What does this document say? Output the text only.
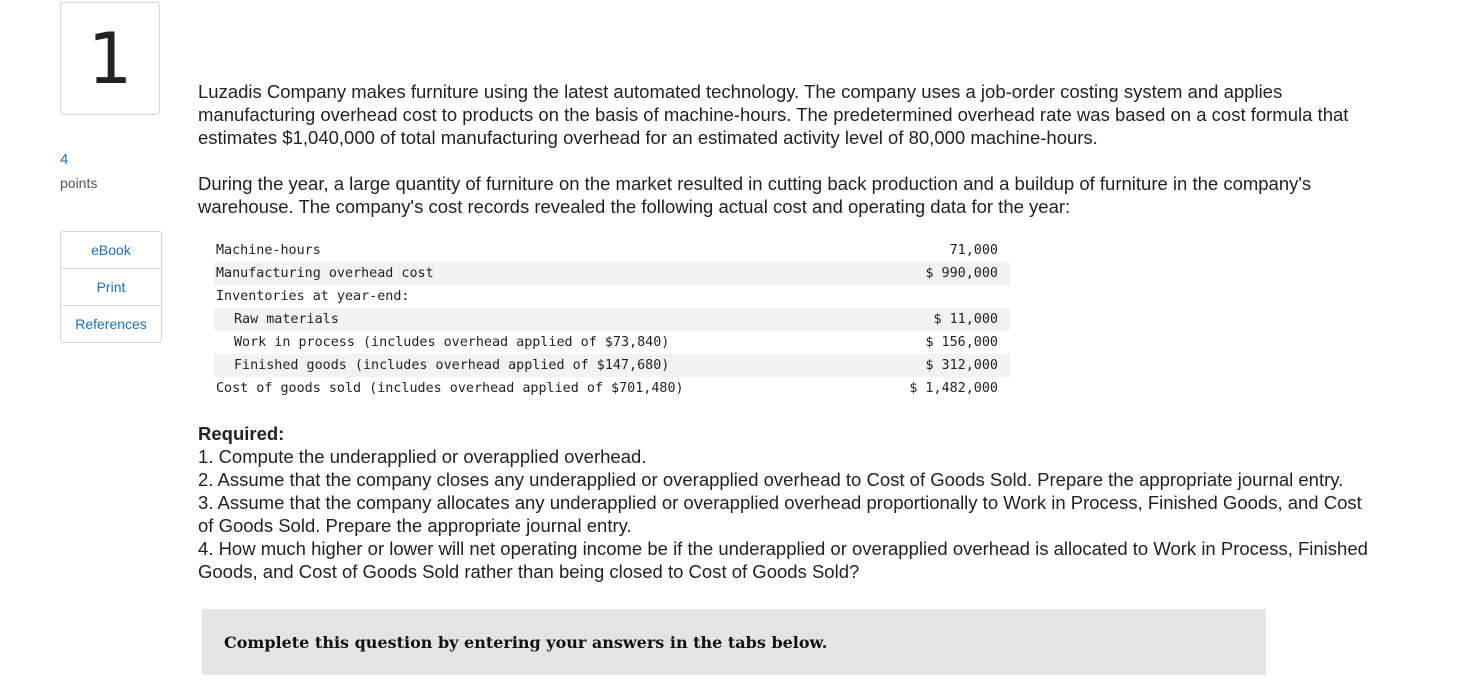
1
4
points
eBook
Print
References

Luzadis Company makes furniture using the latest automated technology. The company uses a job-order costing system and applies manufacturing overhead cost to products on the basis of machine-hours. The predetermined overhead rate was based on a cost formula that estimates $1,040,000 of total manufacturing overhead for an estimated activity level of 80,000 machine-hours.

During the year, a large quantity of furniture on the market resulted in cutting back production and a buildup of furniture in the company's warehouse. The company's cost records revealed the following actual cost and operating data for the year:

Machine-hours	71,000
Manufacturing overhead cost	$ 990,000
Inventories at year-end:	
Raw materials	$ 11,000
Work in process (includes overhead applied of $73,840)	$ 156,000
Finished goods (includes overhead applied of $147,680)	$ 312,000
Cost of goods sold (includes overhead applied of $701,480)	$ 1,482,000
Required:
1. Compute the underapplied or overapplied overhead.
2. Assume that the company closes any underapplied or overapplied overhead to Cost of Goods Sold. Prepare the appropriate journal entry.
3. Assume that the company allocates any underapplied or overapplied overhead proportionally to Work in Process, Finished Goods, and Cost of Goods Sold. Prepare the appropriate journal entry.
4. How much higher or lower will net operating income be if the underapplied or overapplied overhead is allocated to Work in Process, Finished Goods, and Cost of Goods Sold rather than being closed to Cost of Goods Sold?
Complete this question by entering your answers in the tabs below.
